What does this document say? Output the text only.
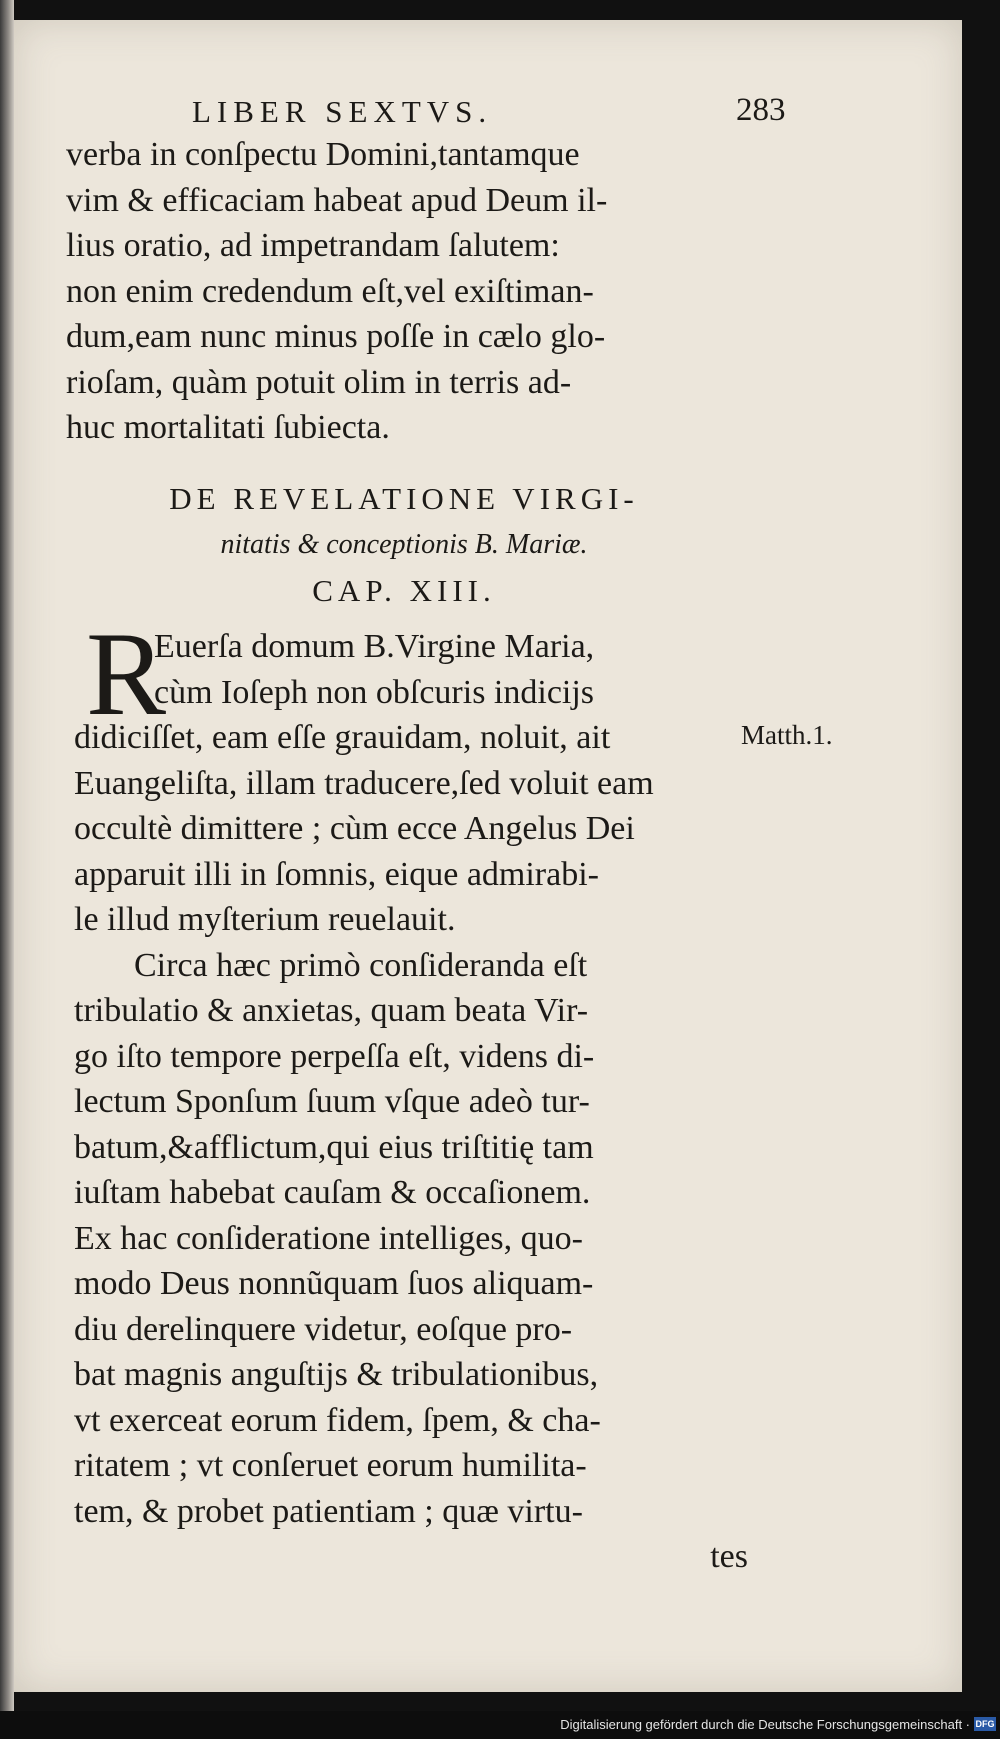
LIBER SEXTVS.	283
verba in conſpectu Domini,tantamque
vim & efficaciam habeat apud Deum il-
lius oratio, ad impetrandam ſalutem:
non enim credendum eſt,vel exiſtiman-
dum,eam nunc minus poſſe in cælo glo-
rioſam, quàm potuit olim in terris ad-
huc mortalitati ſubiecta.
DE REVELATIONE VIRGI-
nitatis & conceptionis B. Mariæ.
CAP. XIII.
R
Euerſa domum B.Virgine Maria,
cùm Ioſeph non obſcuris indicijs
didiciſſet, eam eſſe grauidam, noluit, ait
Euangeliſta, illam traducere,ſed voluit eam
occultè dimittere ; cùm ecce Angelus Dei
apparuit illi in ſomnis, eique admirabi-
le illud myſterium reuelauit.
Circa hæc primò conſideranda eſt
tribulatio & anxietas, quam beata Vir-
go iſto tempore perpeſſa eſt, videns di-
lectum Sponſum ſuum vſque adeò tur-
batum,&afflictum,qui eius triſtitię tam
iuſtam habebat cauſam & occaſionem.
Ex hac conſideratione intelliges, quo-
modo Deus nonnũquam ſuos aliquam-
diu derelinquere videtur, eoſque pro-
bat magnis anguſtijs & tribulationibus,
vt exerceat eorum fidem, ſpem, & cha-
ritatem ; vt conſeruet eorum humilita-
tem, & probet patientiam ; quæ virtu-
tes
Matth.1.
Digitalisierung gefördert durch die Deutsche Forschungsgemeinschaft · DFG
